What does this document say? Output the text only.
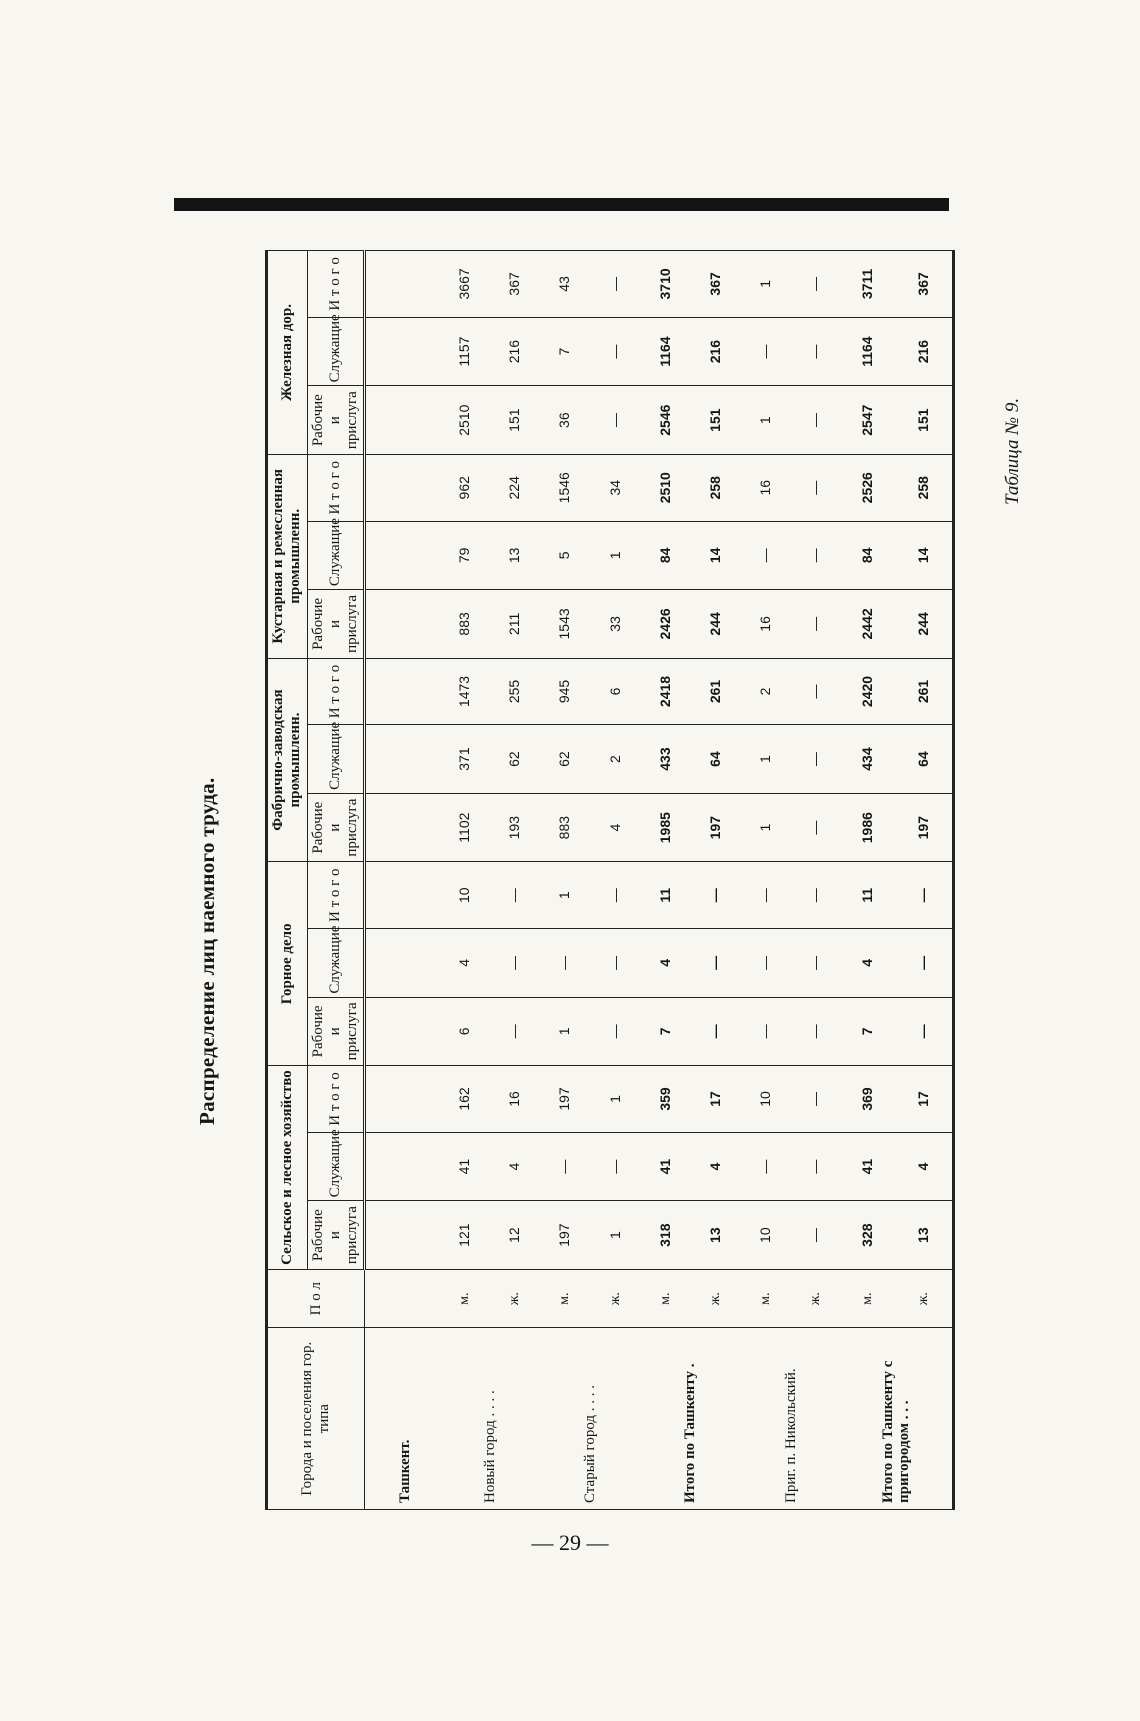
Распределение лиц наемного труда.
Таблица № 9.
Города и поселения гор. типа	П о л	Сельское и лесное хозяйство			Горное дело			Фабрично-заводская промышленн.			Кустарная и ремесленная промышленн.			Железная дор.		
		Рабочие и прислуга	Служащие	И т о г о	Рабочие и прислуга	Служащие	И т о г о	Рабочие и прислуга	Служащие	И т о г о	Рабочие и прислуга	Служащие	И т о г о	Рабочие и прислуга	Служащие	И т о г о
Ташкент.																
Новый город . . . .	м.	121	41	162	6	4	10	1102	371	1473	883	79	962	2510	1157	3667
	ж.	12	4	16	—	—	—	193	62	255	211	13	224	151	216	367
Старый город . . . .	м.	197	—	197	1	—	1	883	62	945	1543	5	1546	36	7	43
	ж.	1	—	1	—	—	—	4	2	6	33	1	34	—	—	—
Итого по Ташкенту .	м.	318	41	359	7	4	11	1985	433	2418	2426	84	2510	2546	1164	3710
	ж.	13	4	17	—	—	—	197	64	261	244	14	258	151	216	367
Приг. п. Никольский.	м.	10	—	10	—	—	—	1	1	2	16	—	16	1	—	1
	ж.	—	—	—	—	—	—	—	—	—	—	—	—	—	—	—
Итого по Ташкенту с пригородом . . .	м.	328	41	369	7	4	11	1986	434	2420	2442	84	2526	2547	1164	3711
	ж.	13	4	17	—	—	—	197	64	261	244	14	258	151	216	367
— 29 —
